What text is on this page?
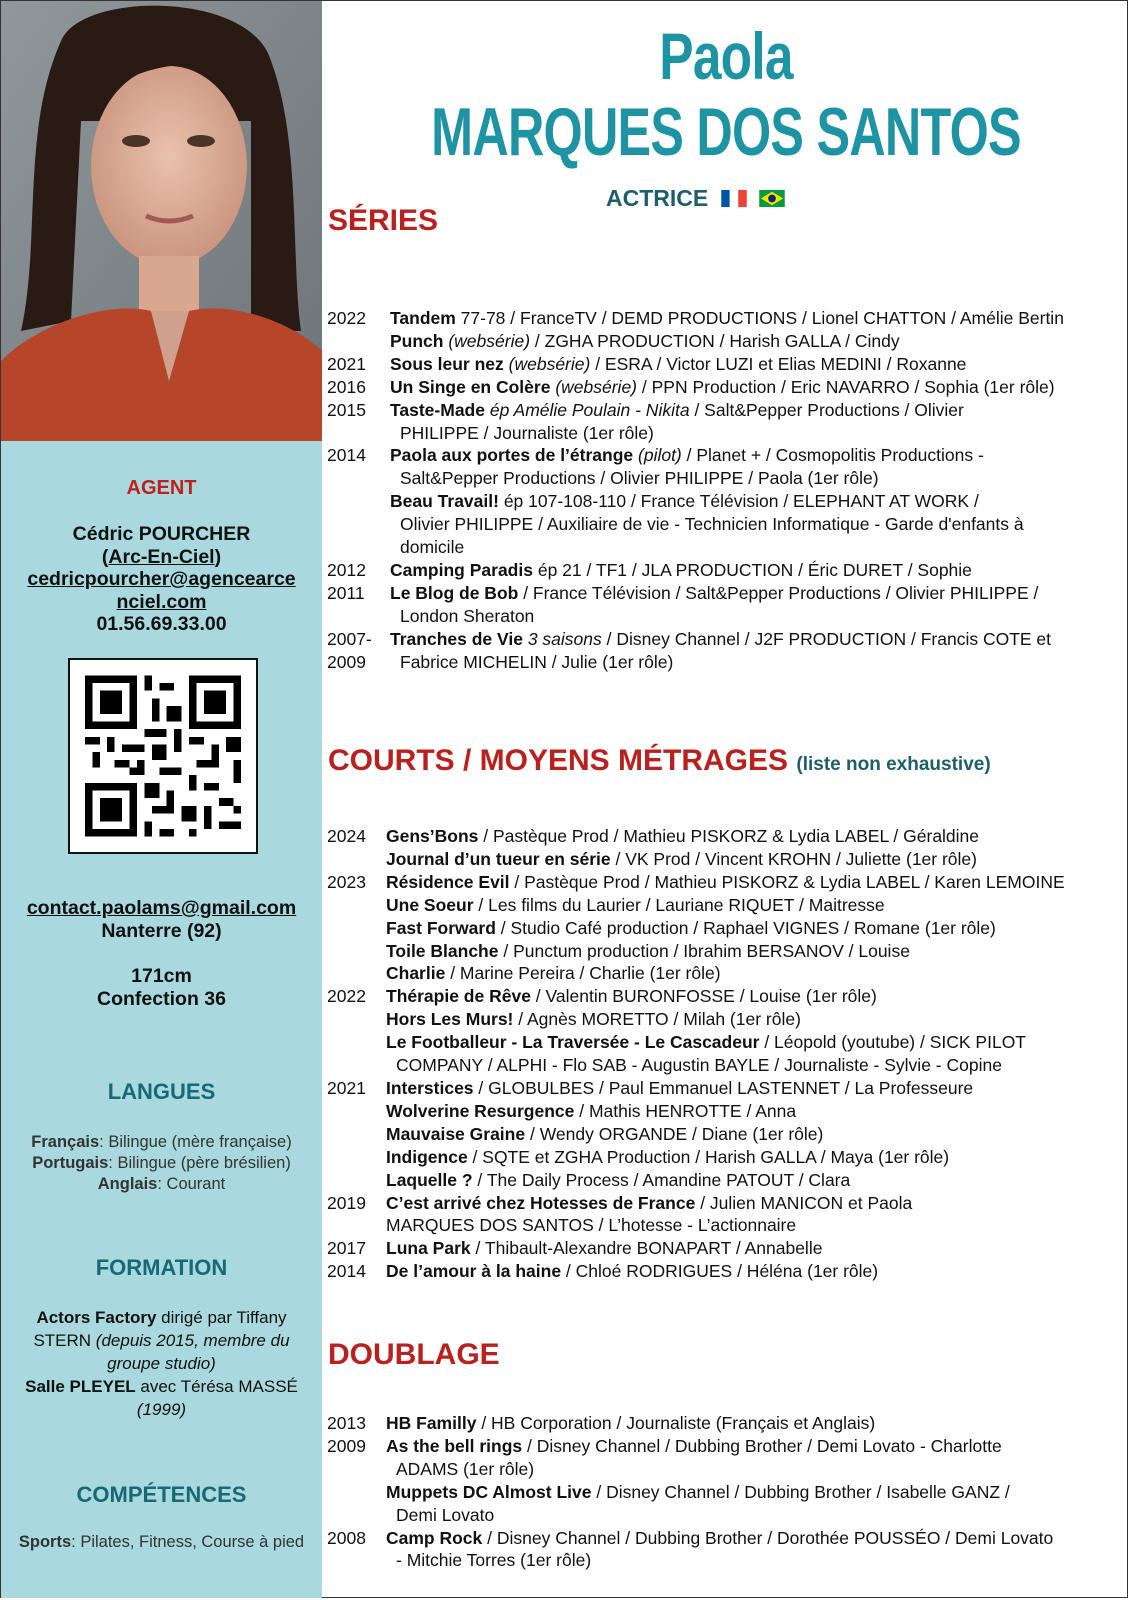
AGENT
Cédric POURCHER
(Arc-En-Ciel)
cedricpourcher@agencearce
nciel.com
01.56.69.33.00
contact.paolams@gmail.com
Nanterre (92)
171cm
Confection 36
LANGUES
Français: Bilingue (mère française)
Portugais: Bilingue (père brésilien)
Anglais: Courant
FORMATION
Actors Factory dirigé par Tiffany STERN (depuis 2015, membre du groupe studio)
Salle PLEYEL avec Térésa MASSÉ (1999)
COMPÉTENCES
Sports: Pilates, Fitness, Course à pied
Paola
MARQUES DOS SANTOS
ACTRICE
SÉRIES
2022 Tandem 77-78 / FranceTV / DEMD PRODUCTIONS / Lionel CHATTON / Amélie Bertin
Punch (websérie) / ZGHA PRODUCTION / Harish GALLA / Cindy
2021 Sous leur nez (websérie) / ESRA / Victor LUZI et Elias MEDINI / Roxanne
2016 Un Singe en Colère (websérie) / PPN Production / Eric NAVARRO / Sophia (1er rôle)
2015 Taste-Made ép Amélie Poulain - Nikita / Salt&Pepper Productions / Olivier
PHILIPPE / Journaliste (1er rôle)
2014 Paola aux portes de l’étrange (pilot) / Planet + / Cosmopolitis Productions -
Salt&Pepper Productions / Olivier PHILIPPE / Paola (1er rôle)
Beau Travail! ép 107-108-110 / France Télévision / ELEPHANT AT WORK /
Olivier PHILIPPE / Auxiliaire de vie - Technicien Informatique - Garde d'enfants à
domicile
2012 Camping Paradis ép 21 / TF1 / JLA PRODUCTION / Éric DURET / Sophie
2011 Le Blog de Bob / France Télévision / Salt&Pepper Productions / Olivier PHILIPPE /
London Sheraton
2007- Tranches de Vie 3 saisons / Disney Channel / J2F PRODUCTION / Francis COTE et
2009	Fabrice MICHELIN / Julie (1er rôle)
COURTS / MOYENS MÉTRAGES (liste non exhaustive)
2024 Gens’Bons / Pastèque Prod / Mathieu PISKORZ & Lydia LABEL / Géraldine
Journal d’un tueur en série / VK Prod / Vincent KROHN / Juliette (1er rôle)
2023 Résidence Evil / Pastèque Prod / Mathieu PISKORZ & Lydia LABEL / Karen LEMOINE
Une Soeur / Les films du Laurier / Lauriane RIQUET / Maitresse
Fast Forward / Studio Café production / Raphael VIGNES / Romane (1er rôle)
Toile Blanche / Punctum production / Ibrahim BERSANOV / Louise
Charlie / Marine Pereira / Charlie (1er rôle)
2022 Thérapie de Rêve / Valentin BURONFOSSE / Louise (1er rôle)
Hors Les Murs! / Agnès MORETTO / Milah (1er rôle)
Le Footballeur - La Traversée - Le Cascadeur / Léopold (youtube) / SICK PILOT
COMPANY / ALPHI - Flo SAB - Augustin BAYLE / Journaliste - Sylvie - Copine
2021 Interstices / GLOBULBES / Paul Emmanuel LASTENNET / La Professeure
Wolverine Resurgence / Mathis HENROTTE / Anna
Mauvaise Graine / Wendy ORGANDE / Diane (1er rôle)
Indigence / SQTE et ZGHA Production / Harish GALLA / Maya (1er rôle)
Laquelle ? / The Daily Process / Amandine PATOUT / Clara
2019 C’est arrivé chez Hotesses de France / Julien MANICON et Paola
MARQUES DOS SANTOS / L’hotesse - L’actionnaire
2017 Luna Park / Thibault-Alexandre BONAPART / Annabelle
2014 De l’amour à la haine / Chloé RODRIGUES / Héléna (1er rôle)
DOUBLAGE
2013 HB Familly / HB Corporation / Journaliste (Français et Anglais)
2009 As the bell rings / Disney Channel / Dubbing Brother / Demi Lovato - Charlotte
ADAMS (1er rôle)
Muppets DC Almost Live / Disney Channel / Dubbing Brother / Isabelle GANZ /
Demi Lovato
2008 Camp Rock / Disney Channel / Dubbing Brother / Dorothée POUSSÉO / Demi Lovato
- Mitchie Torres (1er rôle)
